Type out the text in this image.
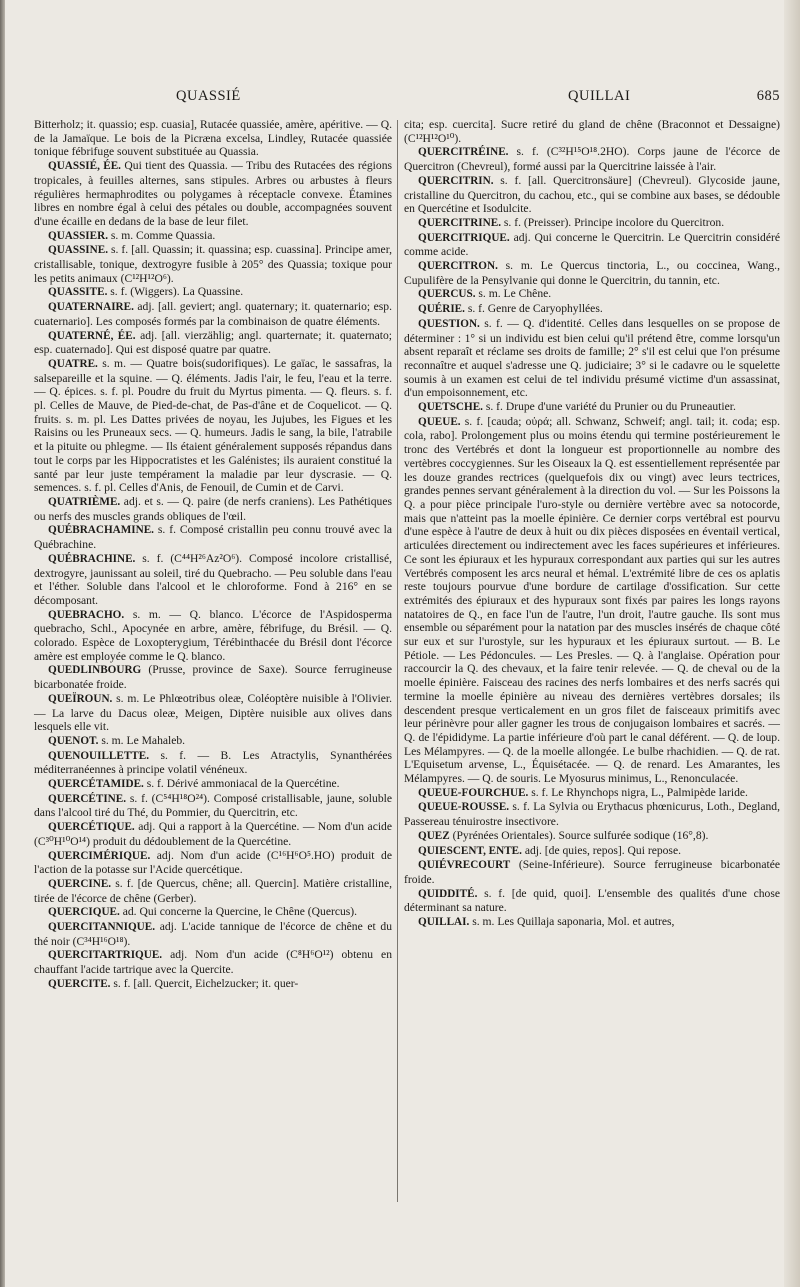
QUASSIÉ	QUILLAI	685

Bitterholz; it. quassio; esp. cuasia], Rutacée quassiée, amère, apéritive. — Q. de la Jamaïque. Le bois de la Picræna excelsa, Lindley, Rutacée quassiée tonique fébrifuge souvent substituée au Quassia.

QUASSIÉ, ÉE. Qui tient des Quassia. — Tribu des Rutacées des régions tropicales, à feuilles alternes, sans stipules. Arbres ou arbustes à fleurs régulières hermaphrodites ou polygames à réceptacle convexe. Étamines libres en nombre égal à celui des pétales ou double, accompagnées souvent d'une écaille en dedans de la base de leur filet.

QUASSIER. s. m. Comme Quassia.

QUASSINE. s. f. [all. Quassin; it. quassina; esp. cuassina]. Principe amer, cristallisable, tonique, dextrogyre fusible à 205° des Quassia; toxique pour les petits animaux (C¹²H¹²O⁶).

QUASSITE. s. f. (Wiggers). La Quassine.

QUATERNAIRE. adj. [all. geviert; angl. quaternary; it. quaternario; esp. cuaternario]. Les composés formés par la combinaison de quatre éléments.

QUATERNÉ, ÉE. adj. [all. vierzählig; angl. quarternate; it. quaternato; esp. cuaternado]. Qui est disposé quatre par quatre.

QUATRE. s. m. — Quatre bois(sudorifiques). Le gaïac, le sassafras, la salsepareille et la squine. — Q. éléments. Jadis l'air, le feu, l'eau et la terre. — Q. épices. s. f. pl. Poudre du fruit du Myrtus pimenta. — Q. fleurs. s. f. pl. Celles de Mauve, de Pied-de-chat, de Pas-d'âne et de Coquelicot. — Q. fruits. s. m. pl. Les Dattes privées de noyau, les Jujubes, les Figues et les Raisins ou les Pruneaux secs. — Q. humeurs. Jadis le sang, la bile, l'atrabile et la pituite ou phlegme. — Ils étaient généralement supposés répandus dans tout le corps par les Hippocratistes et les Galénistes; ils auraient constitué la santé par leur juste tempérament la maladie par leur dyscrasie. — Q. semences. s. f. pl. Celles d'Anis, de Fenouil, de Cumin et de Carvi.

QUATRIÈME. adj. et s. — Q. paire (de nerfs craniens). Les Pathétiques ou nerfs des muscles grands obliques de l'œil.

QUÉBRACHAMINE. s. f. Composé cristallin peu connu trouvé avec la Québrachine.

QUÉBRACHINE. s. f. (C⁴⁴H²⁶Az²O⁶). Composé incolore cristallisé, dextrogyre, jaunissant au soleil, tiré du Quebracho. — Peu soluble dans l'eau et l'éther. Soluble dans l'alcool et le chloroforme. Fond à 216° en se décomposant.

QUEBRACHO. s. m. — Q. blanco. L'écorce de l'Aspidosperma quebracho, Schl., Apocynée en arbre, amère, fébrifuge, du Brésil. — Q. colorado. Espèce de Loxopterygium, Térébinthacée du Brésil dont l'écorce amère est employée comme le Q. blanco.

QUEDLINBOURG (Prusse, province de Saxe). Source ferrugineuse bicarbonatée froide.

QUEÏROUN. s. m. Le Phlœotribus oleæ, Coléoptère nuisible à l'Olivier. — La larve du Dacus oleæ, Meigen, Diptère nuisible aux olives dans lesquels elle vit.

QUENOT. s. m. Le Mahaleb.

QUENOUILLETTE. s. f. — B. Les Atractylis, Synanthérées méditerranéennes à principe volatil vénéneux.

QUERCÉTAMIDE. s. f. Dérivé ammoniacal de la Quercétine.

QUERCÉTINE. s. f. (C⁵⁴H¹⁸O²⁴). Composé cristallisable, jaune, soluble dans l'alcool tiré du Thé, du Pommier, du Quercitrin, etc.

QUERCÉTIQUE. adj. Qui a rapport à la Quercétine. — Nom d'un acide (C³⁰H¹⁰O¹⁴) produit du dédoublement de la Quercétine.

QUERCIMÉRIQUE. adj. Nom d'un acide (C¹⁶H⁶O⁵.HO) produit de l'action de la potasse sur l'Acide quercétique.

QUERCINE. s. f. [de Quercus, chêne; all. Quercin]. Matière cristalline, tirée de l'écorce de chêne (Gerber).

QUERCIQUE. ad. Qui concerne la Quercine, le Chêne (Quercus).

QUERCITANNIQUE. adj. L'acide tannique de l'écorce de chêne et du thé noir (C³⁴H¹⁶O¹⁸).

QUERCITARTRIQUE. adj. Nom d'un acide (C⁸H⁶O¹²) obtenu en chauffant l'acide tartrique avec la Quercite.

QUERCITE. s. f. [all. Quercit, Eichelzucker; it. quer-

cita; esp. cuercita]. Sucre retiré du gland de chêne (Braconnot et Dessaigne) (C¹²H¹²O¹⁰).

QUERCITRÉINE. s. f. (C³²H¹⁵O¹⁸.2HO). Corps jaune de l'écorce de Quercitron (Chevreul), formé aussi par la Quercitrine laissée à l'air.

QUERCITRIN. s. f. [all. Quercitronsäure] (Chevreul). Glycoside jaune, cristalline du Quercitron, du cachou, etc., qui se combine aux bases, se dédouble en Quercétine et Isodulcite.

QUERCITRINE. s. f. (Preisser). Principe incolore du Quercitron.

QUERCITRIQUE. adj. Qui concerne le Quercitrin. Le Quercitrin considéré comme acide.

QUERCITRON. s. m. Le Quercus tinctoria, L., ou coccinea, Wang., Cupulifère de la Pensylvanie qui donne le Quercitrin, du tannin, etc.

QUERCUS. s. m. Le Chêne.

QUÉRIE. s. f. Genre de Caryophyllées.

QUESTION. s. f. — Q. d'identité. Celles dans lesquelles on se propose de déterminer : 1° si un individu est bien celui qu'il prétend être, comme lorsqu'un absent reparaît et réclame ses droits de famille; 2° s'il est celui que l'on présume reconnaître et auquel s'adresse une Q. judiciaire; 3° si le cadavre ou le squelette soumis à un examen est celui de tel individu présumé victime d'un assassinat, d'un empoisonnement, etc.

QUETSCHE. s. f. Drupe d'une variété du Prunier ou du Pruneautier.

QUEUE. s. f. [cauda; οὐρά; all. Schwanz, Schweif; angl. tail; it. coda; esp. cola, rabo]. Prolongement plus ou moins étendu qui termine postérieurement le tronc des Vertébrés et dont la longueur est proportionnelle au nombre des vertèbres coccygiennes. Sur les Oiseaux la Q. est essentiellement représentée par les douze grandes rectrices (quelquefois dix ou vingt) avec leurs tectrices, grandes pennes servant généralement à la direction du vol. — Sur les Poissons la Q. a pour pièce principale l'uro-style ou dernière vertèbre avec sa notocorde, mais que n'atteint pas la moelle épinière. Ce dernier corps vertébral est pourvu d'une espèce à l'autre de deux à huit ou dix pièces disposées en éventail vertical, articulées directement ou indirectement avec les faces supérieures et inférieures. Ce sont les épiuraux et les hypuraux correspondant aux parties qui sur les autres Vertébrés composent les arcs neural et hémal. L'extrémité libre de ces os aplatis reste toujours pourvue d'une bordure de cartilage d'ossification. Sur cette extrémités des épiuraux et des hypuraux sont fixés par paires les longs rayons natatoires de Q., en face l'un de l'autre, l'un droit, l'autre gauche. Ils sont mus ensemble ou séparément pour la natation par des muscles insérés de chaque côté sur eux et sur l'urostyle, sur les hypuraux et les épiuraux surtout. — B. Le Pétiole. — Les Pédoncules. — Les Presles. — Q. à l'anglaise. Opération pour raccourcir la Q. des chevaux, et la faire tenir relevée. — Q. de cheval ou de la moelle épinière. Faisceau des racines des nerfs lombaires et des nerfs sacrés qui termine la moelle épinière au niveau des dernières vertèbres dorsales; ils descendent presque verticalement en un gros filet de faisceaux primitifs avec leur périnèvre pour aller gagner les trous de conjugaison lombaires et sacrés. — Q. de l'épididyme. La partie inférieure d'où part le canal déférent. — Q. de loup. Les Mélampyres. — Q. de la moelle allongée. Le bulbe rhachidien. — Q. de rat. L'Equisetum arvense, L., Équisétacée. — Q. de renard. Les Amarantes, les Mélampyres. — Q. de souris. Le Myosurus minimus, L., Renonculacée.

QUEUE-FOURCHUE. s. f. Le Rhynchops nigra, L., Palmipède laride.

QUEUE-ROUSSE. s. f. La Sylvia ou Erythacus phœnicurus, Loth., Degland, Passereau ténuirostre insectivore.

QUEZ (Pyrénées Orientales). Source sulfurée sodique (16°,8).

QUIESCENT, ENTE. adj. [de quies, repos]. Qui repose.

QUIÉVRECOURT (Seine-Inférieure). Source ferrugineuse bicarbonatée froide.

QUIDDITÉ. s. f. [de quid, quoi]. L'ensemble des qualités d'une chose déterminant sa nature.

QUILLAI. s. m. Les Quillaja saponaria, Mol. et autres,
